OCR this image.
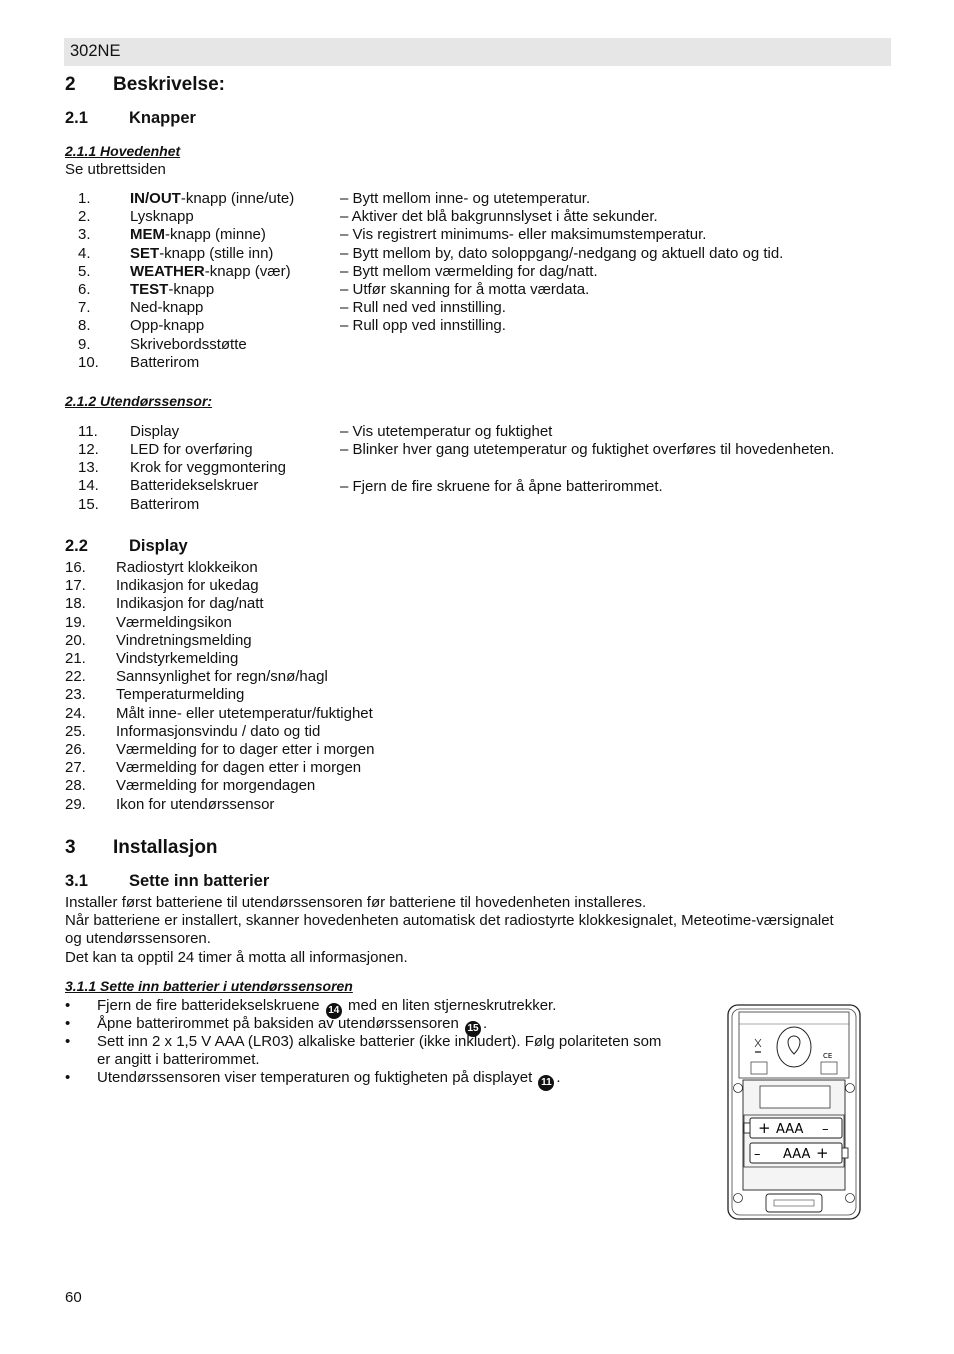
302NE
2 Beskrivelse:
2.1 Knapper
2.1.1 Hovedenhet
Se utbrettsiden
1.	IN/OUT-knapp (inne/ute)	– Bytt mellom inne- og utetemperatur.
2.	Lysknapp	– Aktiver det blå bakgrunnslyset i åtte sekunder.
3.	MEM-knapp (minne)	– Vis registrert minimums- eller maksimumstemperatur.
4.	SET-knapp (stille inn)	– Bytt mellom by, dato soloppgang/-nedgang og aktuell dato og tid.
5.	WEATHER-knapp (vær)	– Bytt mellom værmelding for dag/natt.
6.	TEST-knapp	– Utfør skanning for å motta værdata.
7.	Ned-knapp	– Rull ned ved innstilling.
8.	Opp-knapp	– Rull opp ved innstilling.
9.	Skrivebordsstøtte
10. Batterirom
2.1.2 Utendørssensor:
11. Display	– Vis utetemperatur og fuktighet
12. LED for overføring	– Blinker hver gang utetemperatur og fuktighet overføres til hovedenheten.
13. Krok for veggmontering
14. Batteridekselskruer	– Fjern de fire skruene for å åpne batterirommet.
15. Batterirom
2.2 Display
16. Radiostyrt klokkeikon
17. Indikasjon for ukedag
18. Indikasjon for dag/natt
19. Værmeldingsikon
20. Vindretningsmelding
21. Vindstyrkemelding
22. Sannsynlighet for regn/snø/hagl
23. Temperaturmelding
24. Målt inne- eller utetemperatur/fuktighet
25. Informasjonsvindu / dato og tid
26. Værmelding for to dager etter i morgen
27. Værmelding for dagen etter i morgen
28. Værmelding for morgendagen
29. Ikon for utendørssensor
3 Installasjon
3.1 Sette inn batterier
Installer først batteriene til utendørssensoren før batteriene til hovedenheten installeres.
Når batteriene er installert, skanner hovedenheten automatisk det radiostyrte klokkesignalet, Meteotime-værsignalet
og utendørssensoren.
Det kan ta opptil 24 timer å motta all informasjonen.
3.1.1 Sette inn batterier i utendørssensoren
• Fjern de fire batteridekselskruene 14 med en liten stjerneskrutrekker.
• Åpne batterirommet på baksiden av utendørssensoren 15 .
• Sett inn 2 x 1,5 V AAA (LR03) alkaliske batterier (ikke inkludert). Følg polariteten som er angitt i batterirommet.
• Utendørssensoren viser temperaturen og fuktigheten på displayet 11 .
CE
+ AAA –
– AAA +
60
